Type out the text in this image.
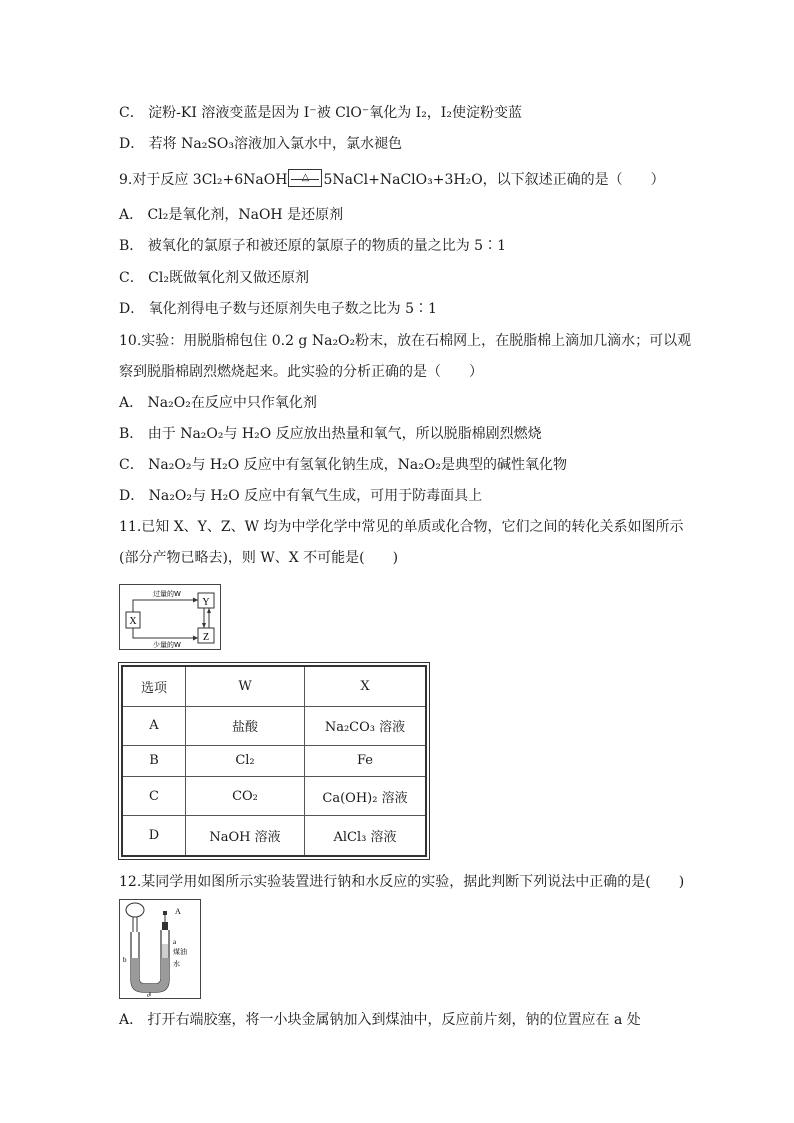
C． 淀粉-KI 溶液变蓝是因为 I⁻被 ClO⁻氧化为 I₂，I₂使淀粉变蓝
D． 若将 Na₂SO₃溶液加入氯水中，氯水褪色
9.对于反应 3Cl₂+6NaOH	△	5NaCl+NaClO₃+3H₂O，以下叙述正确的是（　　）
A． Cl₂是氧化剂，NaOH 是还原剂
B． 被氧化的氯原子和被还原的氯原子的物质的量之比为 5∶1
C． Cl₂既做氧化剂又做还原剂
D． 氧化剂得电子数与还原剂失电子数之比为 5∶1
10.实验：用脱脂棉包住 0.2 g Na₂O₂粉末，放在石棉网上，在脱脂棉上滴加几滴水；可以观
察到脱脂棉剧烈燃烧起来。此实验的分析正确的是（　　）
A． Na₂O₂在反应中只作氧化剂
B． 由于 Na₂O₂与 H₂O 反应放出热量和氧气，所以脱脂棉剧烈燃烧
C． Na₂O₂与 H₂O 反应中有氢氧化钠生成，Na₂O₂是典型的碱性氧化物
D． Na₂O₂与 H₂O 反应中有氧气生成，可用于防毒面具上
11.已知 X、Y、Z、W 均为中学化学中常见的单质或化合物，它们之间的转化关系如图所示
(部分产物已略去)，则 W、X 不可能是(　　)
X
Y
Z
过量的W
少量的W
选项	W	X
A	盐酸	Na₂CO₃ 溶液
B	Cl₂	Fe
C	CO₂	Ca(OH)₂ 溶液
D	NaOH 溶液	AlCl₃ 溶液
12.某同学用如图所示实验装置进行钠和水反应的实验，据此判断下列说法中正确的是(　　)
A
a
煤油
b	水
c
A． 打开右端胶塞，将一小块金属钠加入到煤油中，反应前片刻，钠的位置应在 a 处
